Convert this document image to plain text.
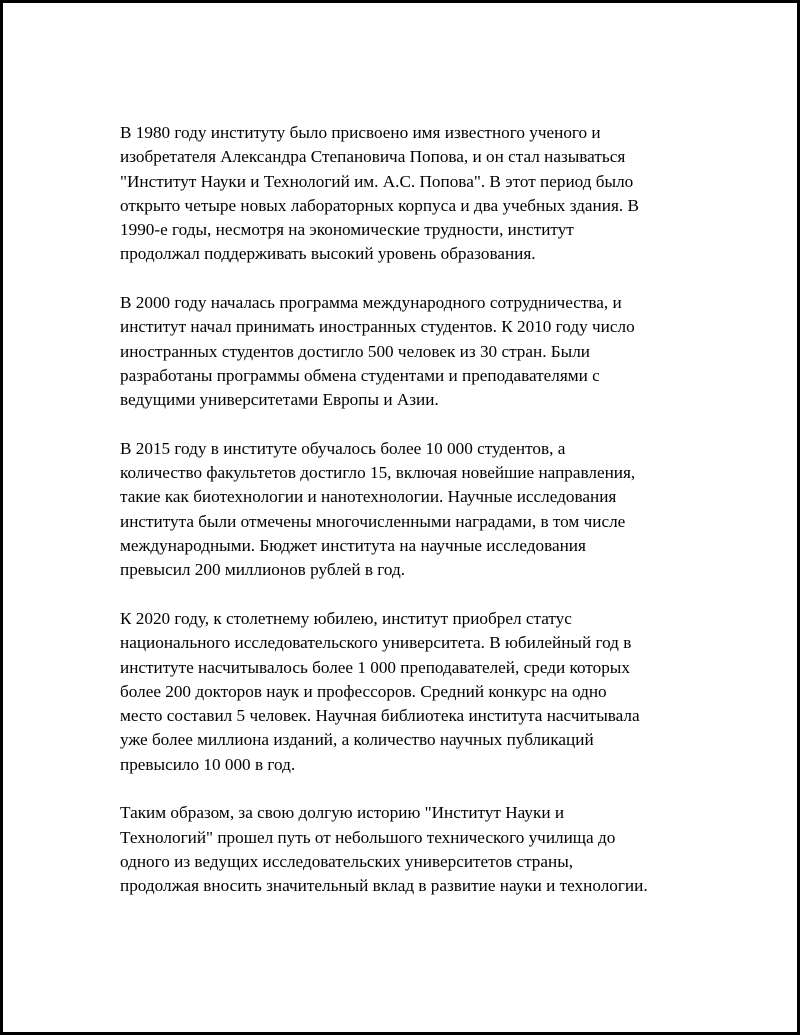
В 1980 году институту было присвоено имя известного ученого и
изобретателя Александра Степановича Попова, и он стал называться
"Институт Науки и Технологий им. А.С. Попова". В этот период было
открыто четыре новых лабораторных корпуса и два учебных здания. В
1990-е годы, несмотря на экономические трудности, институт
продолжал поддерживать высокий уровень образования.

В 2000 году началась программа международного сотрудничества, и
институт начал принимать иностранных студентов. К 2010 году число
иностранных студентов достигло 500 человек из 30 стран. Были
разработаны программы обмена студентами и преподавателями с
ведущими университетами Европы и Азии.

В 2015 году в институте обучалось более 10 000 студентов, а
количество факультетов достигло 15, включая новейшие направления,
такие как биотехнологии и нанотехнологии. Научные исследования
института были отмечены многочисленными наградами, в том числе
международными. Бюджет института на научные исследования
превысил 200 миллионов рублей в год.

К 2020 году, к столетнему юбилею, институт приобрел статус
национального исследовательского университета. В юбилейный год в
институте насчитывалось более 1 000 преподавателей, среди которых
более 200 докторов наук и профессоров. Средний конкурс на одно
место составил 5 человек. Научная библиотека института насчитывала
уже более миллиона изданий, а количество научных публикаций
превысило 10 000 в год.

Таким образом, за свою долгую историю "Институт Науки и
Технологий" прошел путь от небольшого технического училища до
одного из ведущих исследовательских университетов страны,
продолжая вносить значительный вклад в развитие науки и технологии.
